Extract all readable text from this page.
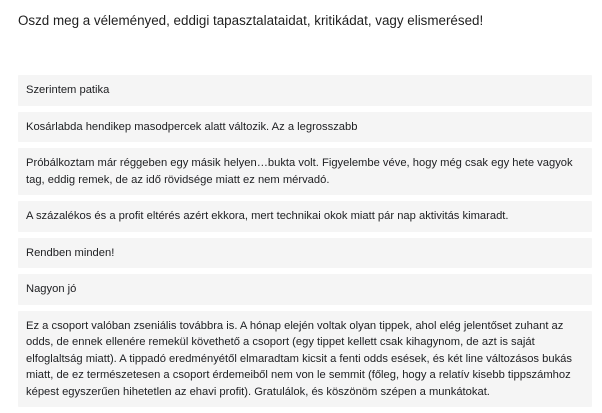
Oszd meg a véleményed, eddigi tapasztalataidat, kritikádat, vagy elismerésed!
Szerintem patika
Kosárlabda hendikep masodpercek alatt változik. Az a legrosszabb
Próbálkoztam már réggeben egy másik helyen…bukta volt. Figyelembe véve, hogy még csak egy hete vagyok tag, eddig remek, de az idő rövidsége miatt ez nem mérvadó.
A százalékos és a profit eltérés azért ekkora, mert technikai okok miatt pár nap aktivitás kimaradt.
Rendben minden!
Nagyon jó
Ez a csoport valóban zseniális továbbra is. A hónap elején voltak olyan tippek, ahol elég jelentőset zuhant az odds, de ennek ellenére remekül követhető a csoport (egy tippet kellett csak kihagynom, de azt is saját elfoglaltság miatt). A tippadó eredményétől elmaradtam kicsit a fenti odds esések, és két line változásos bukás miatt, de ez természetesen a csoport érdemeiből nem von le semmit (főleg, hogy a relatív kisebb tippszámhoz képest egyszerűen hihetetlen az ehavi profit). Gratulálok, és köszönöm szépen a munkátokat.
